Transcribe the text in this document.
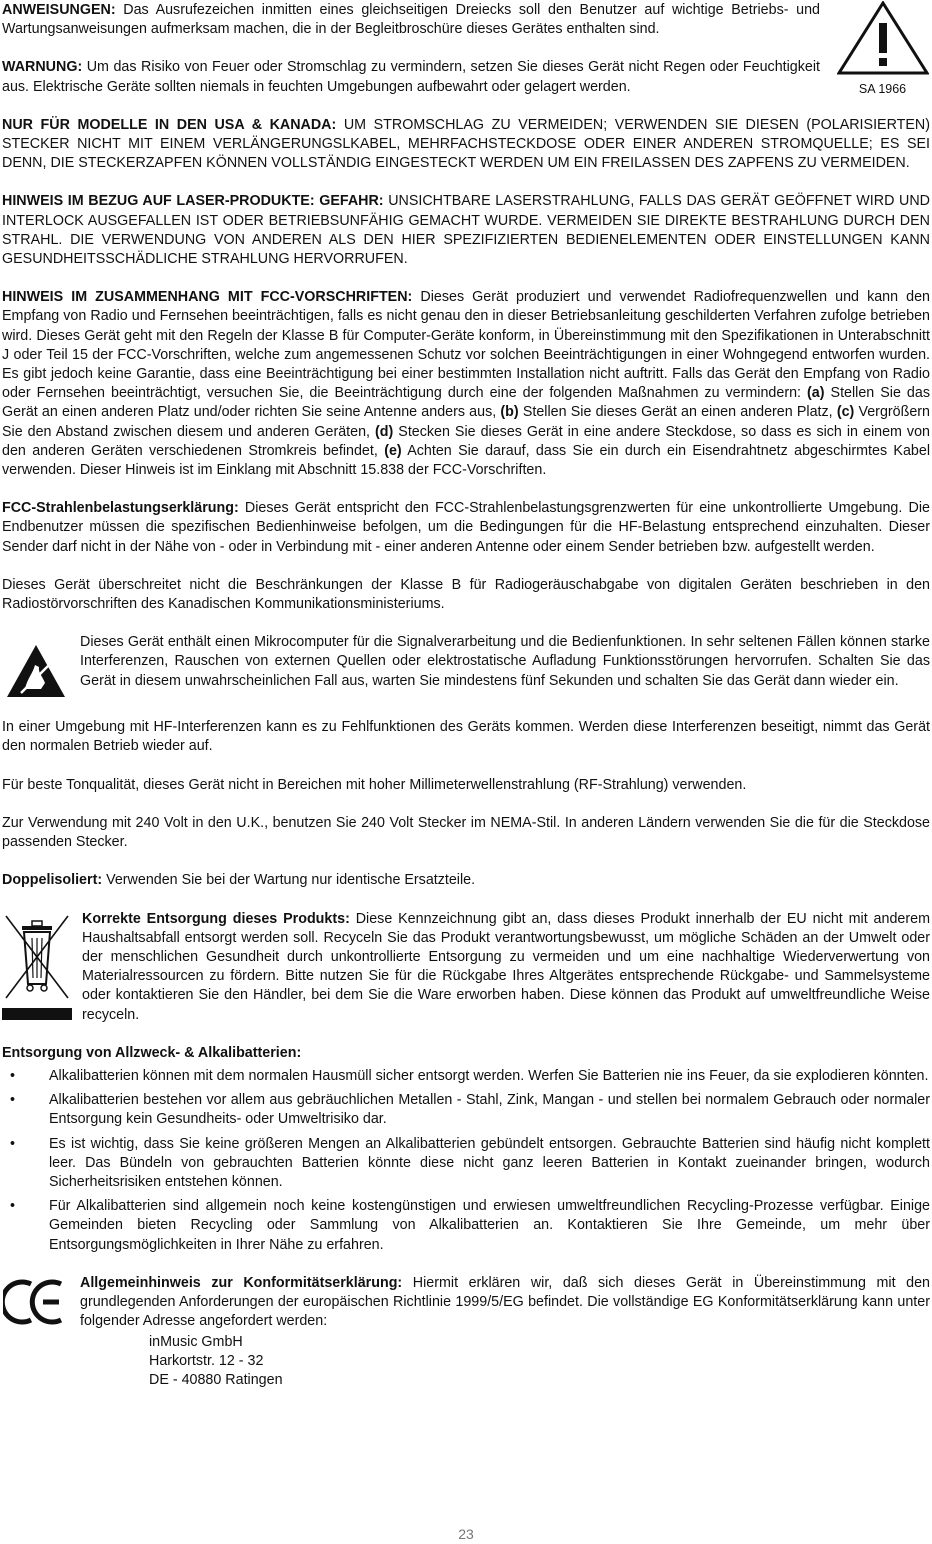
SA 1966

ANWEISUNGEN: Das Ausrufezeichen inmitten eines gleichseitigen Dreiecks soll den Benutzer auf wichtige Betriebs- und Wartungsanweisungen aufmerksam machen, die in der Begleitbroschüre dieses Gerätes enthalten sind.

WARNUNG: Um das Risiko von Feuer oder Stromschlag zu vermindern, setzen Sie dieses Gerät nicht Regen oder Feuchtigkeit aus. Elektrische Geräte sollten niemals in feuchten Umgebungen aufbewahrt oder gelagert werden.

NUR FÜR MODELLE IN DEN USA & KANADA: UM STROMSCHLAG ZU VERMEIDEN; VERWENDEN SIE DIESEN (POLARISIERTEN) STECKER NICHT MIT EINEM VERLÄNGERUNGSLKABEL, MEHRFACHSTECKDOSE ODER EINER ANDEREN STROMQUELLE; ES SEI DENN, DIE STECKERZAPFEN KÖNNEN VOLLSTÄNDIG EINGESTECKT WERDEN UM EIN FREILASSEN DES ZAPFENS ZU VERMEIDEN.

HINWEIS IM BEZUG AUF LASER-PRODUKTE: GEFAHR: UNSICHTBARE LASERSTRAHLUNG, FALLS DAS GERÄT GEÖFFNET WIRD UND INTERLOCK AUSGEFALLEN IST ODER BETRIEBSUNFÄHIG GEMACHT WURDE. VERMEIDEN SIE DIREKTE BESTRAHLUNG DURCH DEN STRAHL. DIE VERWENDUNG VON ANDEREN ALS DEN HIER SPEZIFIZIERTEN BEDIENELEMENTEN ODER EINSTELLUNGEN KANN GESUNDHEITSSCHÄDLICHE STRAHLUNG HERVORRUFEN.

HINWEIS IM ZUSAMMENHANG MIT FCC-VORSCHRIFTEN: Dieses Gerät produziert und verwendet Radiofrequenzwellen und kann den Empfang von Radio und Fernsehen beeinträchtigen, falls es nicht genau den in dieser Betriebsanleitung geschilderten Verfahren zufolge betrieben wird. Dieses Gerät geht mit den Regeln der Klasse B für Computer-Geräte konform, in Übereinstimmung mit den Spezifikationen in Unterabschnitt J oder Teil 15 der FCC-Vorschriften, welche zum angemessenen Schutz vor solchen Beeinträchtigungen in einer Wohngegend entworfen wurden. Es gibt jedoch keine Garantie, dass eine Beeinträchtigung bei einer bestimmten Installation nicht auftritt. Falls das Gerät den Empfang von Radio oder Fernsehen beeinträchtigt, versuchen Sie, die Beeinträchtigung durch eine der folgenden Maßnahmen zu vermindern: (a) Stellen Sie das Gerät an einen anderen Platz und/oder richten Sie seine Antenne anders aus, (b) Stellen Sie dieses Gerät an einen anderen Platz, (c) Vergrößern Sie den Abstand zwischen diesem und anderen Geräten, (d) Stecken Sie dieses Gerät in eine andere Steckdose, so dass es sich in einem von den anderen Geräten verschiedenen Stromkreis befindet, (e) Achten Sie darauf, dass Sie ein durch ein Eisendrahtnetz abgeschirmtes Kabel verwenden. Dieser Hinweis ist im Einklang mit Abschnitt 15.838 der FCC-Vorschriften.

FCC-Strahlenbelastungserklärung: Dieses Gerät entspricht den FCC-Strahlenbelastungsgrenzwerten für eine unkontrollierte Umgebung. Die Endbenutzer müssen die spezifischen Bedienhinweise befolgen, um die Bedingungen für die HF-Belastung entsprechend einzuhalten. Dieser Sender darf nicht in der Nähe von - oder in Verbindung mit - einer anderen Antenne oder einem Sender betrieben bzw. aufgestellt werden.

Dieses Gerät überschreitet nicht die Beschränkungen der Klasse B für Radiogeräuschabgabe von digitalen Geräten beschrieben in den Radiostörvorschriften des Kanadischen Kommunikationsministeriums.

Dieses Gerät enthält einen Mikrocomputer für die Signalverarbeitung und die Bedienfunktionen. In sehr seltenen Fällen können starke Interferenzen, Rauschen von externen Quellen oder elektrostatische Aufladung Funktionsstörungen hervorrufen. Schalten Sie das Gerät in diesem unwahrscheinlichen Fall aus, warten Sie mindestens fünf Sekunden und schalten Sie das Gerät dann wieder ein.

In einer Umgebung mit HF-Interferenzen kann es zu Fehlfunktionen des Geräts kommen. Werden diese Interferenzen beseitigt, nimmt das Gerät den normalen Betrieb wieder auf.

Für beste Tonqualität, dieses Gerät nicht in Bereichen mit hoher Millimeterwellenstrahlung (RF-Strahlung) verwenden.

Zur Verwendung mit 240 Volt in den U.K., benutzen Sie 240 Volt Stecker im NEMA-Stil. In anderen Ländern verwenden Sie die für die Steckdose passenden Stecker.

Doppelisoliert: Verwenden Sie bei der Wartung nur identische Ersatzteile.

Korrekte Entsorgung dieses Produkts: Diese Kennzeichnung gibt an, dass dieses Produkt innerhalb der EU nicht mit anderem Haushaltsabfall entsorgt werden soll. Recyceln Sie das Produkt verantwortungsbewusst, um mögliche Schäden an der Umwelt oder der menschlichen Gesundheit durch unkontrollierte Entsorgung zu vermeiden und um eine nachhaltige Wiederverwertung von Materialressourcen zu fördern. Bitte nutzen Sie für die Rückgabe Ihres Altgerätes entsprechende Rückgabe- und Sammelsysteme oder kontaktieren Sie den Händler, bei dem Sie die Ware erworben haben. Diese können das Produkt auf umweltfreundliche Weise recyceln.

Entsorgung von Allzweck- & Alkalibatterien:

• Alkalibatterien können mit dem normalen Hausmüll sicher entsorgt werden. Werfen Sie Batterien nie ins Feuer, da sie explodieren könnten.
• Alkalibatterien bestehen vor allem aus gebräuchlichen Metallen - Stahl, Zink, Mangan - und stellen bei normalem Gebrauch oder normaler Entsorgung kein Gesundheits- oder Umweltrisiko dar.
• Es ist wichtig, dass Sie keine größeren Mengen an Alkalibatterien gebündelt entsorgen. Gebrauchte Batterien sind häufig nicht komplett leer. Das Bündeln von gebrauchten Batterien könnte diese nicht ganz leeren Batterien in Kontakt zueinander bringen, wodurch Sicherheitsrisiken entstehen können.
• Für Alkalibatterien sind allgemein noch keine kostengünstigen und erwiesen umweltfreundlichen Recycling-Prozesse verfügbar. Einige Gemeinden bieten Recycling oder Sammlung von Alkalibatterien an. Kontaktieren Sie Ihre Gemeinde, um mehr über Entsorgungsmöglichkeiten in Ihrer Nähe zu erfahren.

Allgemeinhinweis zur Konformitätserklärung: Hiermit erklären wir, daß sich dieses Gerät in Übereinstimmung mit den grundlegenden Anforderungen der europäischen Richtlinie 1999/5/EG befindet. Die vollständige EG Konformitätserklärung kann unter folgender Adresse angefordert werden:

inMusic GmbH
Harkortstr. 12 - 32
DE - 40880 Ratingen
23
